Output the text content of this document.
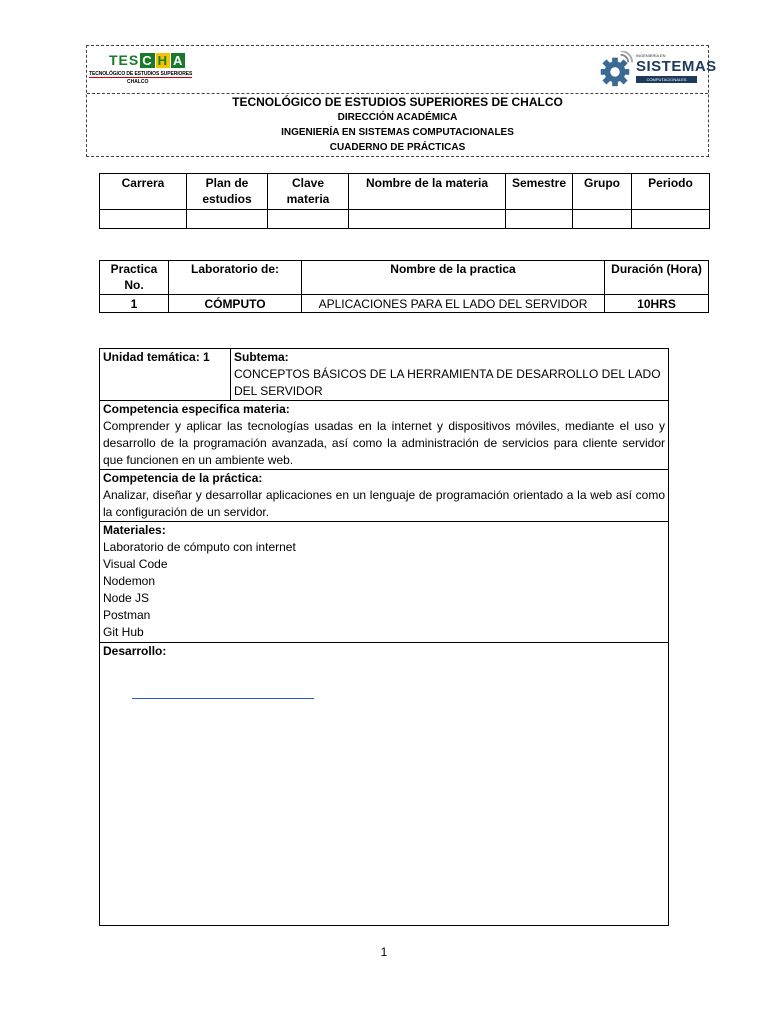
TES C H A
TECNOLÓGICO DE ESTUDIOS SUPERIORES
CHALCO
INGENIERÍA EN
SISTEMAS
COMPUTACIONALES
TECNOLÓGICO DE ESTUDIOS SUPERIORES DE CHALCO
DIRECCIÓN ACADÉMICA
INGENIERÍA EN SISTEMAS COMPUTACIONALES
CUADERNO DE PRÁCTICAS
Carrera	Plan de estudios	Clave materia	Nombre de la materia	Semestre	Grupo	Periodo

Practica No.	Laboratorio de:	Nombre de la practica	Duración (Hora)
1	CÓMPUTO	APLICACIONES PARA EL LADO DEL SERVIDOR	10HRS
Unidad temática: 1	Subtema:
CONCEPTOS BÁSICOS DE LA HERRAMIENTA DE DESARROLLO DEL LADO DEL SERVIDOR

Competencia especifica materia:
Comprender y aplicar las tecnologías usadas en la internet y dispositivos móviles, mediante el uso y desarrollo de la programación avanzada, así como la administración de servicios para cliente servidor que funcionen en un ambiente web.

Competencia de la práctica:
Analizar, diseñar y desarrollar aplicaciones en un lenguaje de programación orientado a la web así como la configuración de un servidor.

Materiales:
Laboratorio de cómputo con internet
Visual Code
Nodemon
Node JS
Postman
Git Hub

Desarrollo:
1
